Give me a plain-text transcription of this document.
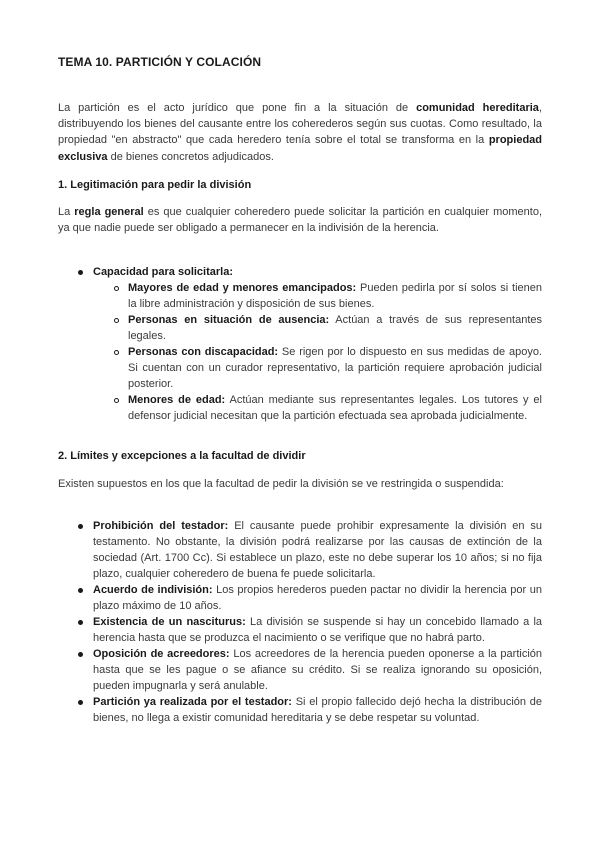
TEMA 10. PARTICIÓN Y COLACIÓN

La partición es el acto jurídico que pone fin a la situación de comunidad hereditaria, distribuyendo los bienes del causante entre los coherederos según sus cuotas. Como resultado, la propiedad "en abstracto" que cada heredero tenía sobre el total se transforma en la propiedad exclusiva de bienes concretos adjudicados.

1. Legitimación para pedir la división

La regla general es que cualquier coheredero puede solicitar la partición en cualquier momento, ya que nadie puede ser obligado a permanecer en la indivisión de la herencia.

Capacidad para solicitarla:
Mayores de edad y menores emancipados: Pueden pedirla por sí solos si tienen la libre administración y disposición de sus bienes.
Personas en situación de ausencia: Actúan a través de sus representantes legales.
Personas con discapacidad: Se rigen por lo dispuesto en sus medidas de apoyo. Si cuentan con un curador representativo, la partición requiere aprobación judicial posterior.
Menores de edad: Actúan mediante sus representantes legales. Los tutores y el defensor judicial necesitan que la partición efectuada sea aprobada judicialmente.
2. Límites y excepciones a la facultad de dividir

Existen supuestos en los que la facultad de pedir la división se ve restringida o suspendida:

Prohibición del testador: El causante puede prohibir expresamente la división en su testamento. No obstante, la división podrá realizarse por las causas de extinción de la sociedad (Art. 1700 Cc). Si establece un plazo, este no debe superar los 10 años; si no fija plazo, cualquier coheredero de buena fe puede solicitarla.
Acuerdo de indivisión: Los propios herederos pueden pactar no dividir la herencia por un plazo máximo de 10 años.
Existencia de un nasciturus: La división se suspende si hay un concebido llamado a la herencia hasta que se produzca el nacimiento o se verifique que no habrá parto.
Oposición de acreedores: Los acreedores de la herencia pueden oponerse a la partición hasta que se les pague o se afiance su crédito. Si se realiza ignorando su oposición, pueden impugnarla y será anulable.
Partición ya realizada por el testador: Si el propio fallecido dejó hecha la distribución de bienes, no llega a existir comunidad hereditaria y se debe respetar su voluntad.
